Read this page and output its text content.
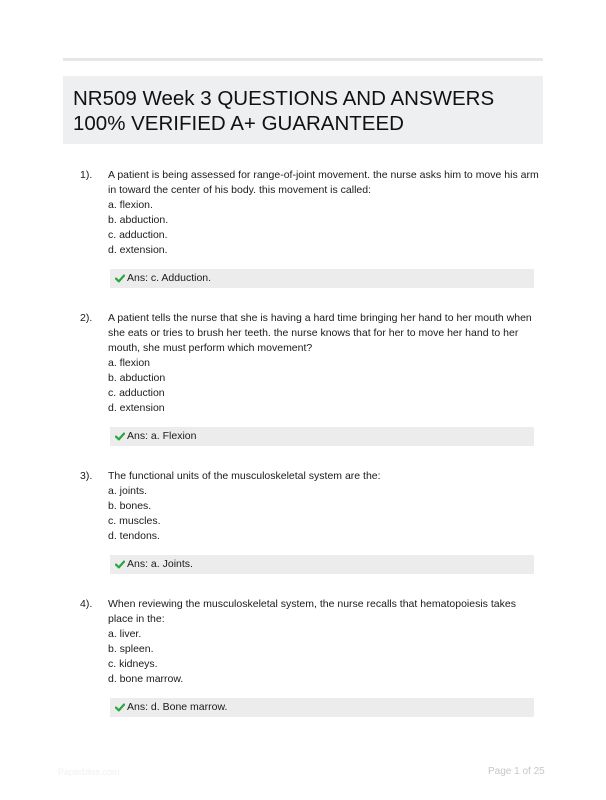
NR509 Week 3 QUESTIONS AND ANSWERS
100% VERIFIED A+ GUARANTEED
1). A patient is being assessed for range-of-joint movement. the nurse asks him to move his arm in toward the center of his body. this movement is called:

a. flexion.

b. abduction.

c. adduction.

d. extension.

Ans: c. Adduction.
2). A patient tells the nurse that she is having a hard time bringing her hand to her mouth when she eats or tries to brush her teeth. the nurse knows that for her to move her hand to her mouth, she must perform which movement?

a. flexion

b. abduction

c. adduction

d. extension

Ans: a. Flexion
3). The functional units of the musculoskeletal system are the:

a. joints.

b. bones.

c. muscles.

d. tendons.

Ans: a. Joints.
4). When reviewing the musculoskeletal system, the nurse recalls that hematopoiesis takes place in the:

a. liver.

b. spleen.

c. kidneys.

d. bone marrow.

Ans: d. Bone marrow.
Paperbliss.com	Page 1 of 25
